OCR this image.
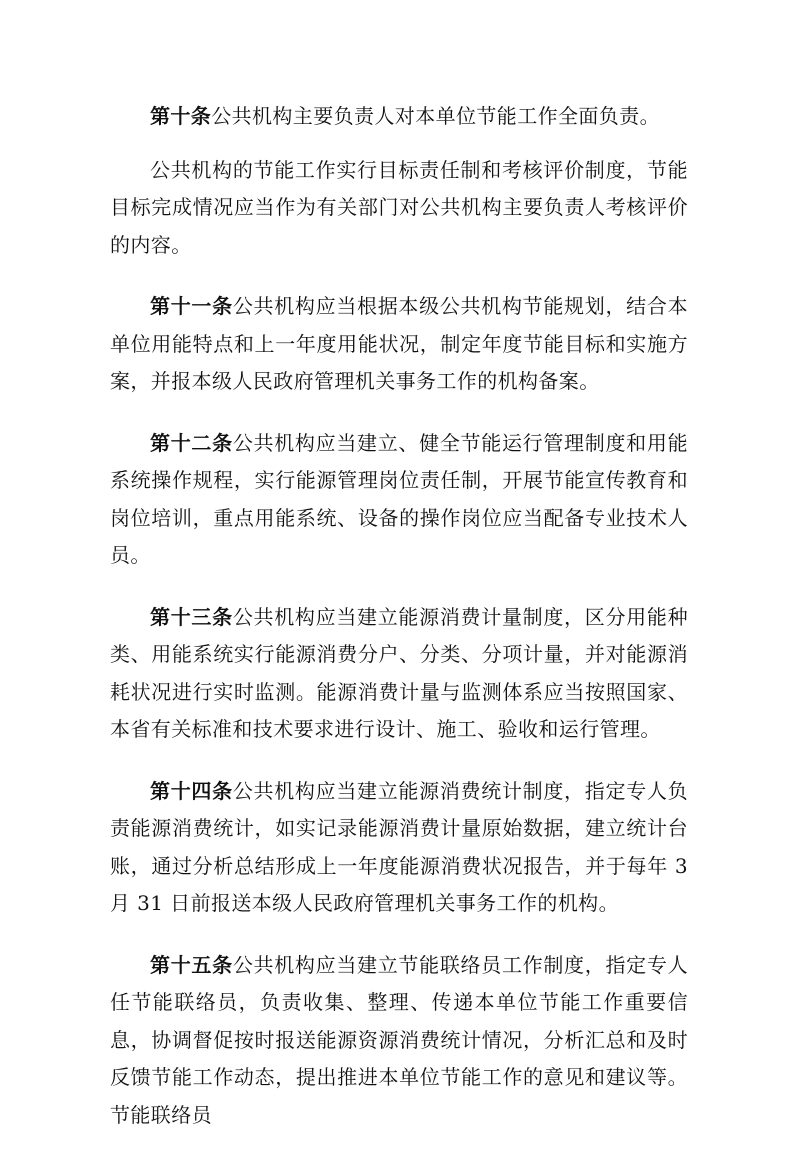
第十条公共机构主要负责人对本单位节能工作全面负责。

公共机构的节能工作实行目标责任制和考核评价制度，节能目标完成情况应当作为有关部门对公共机构主要负责人考核评价的内容。

第十一条公共机构应当根据本级公共机构节能规划，结合本单位用能特点和上一年度用能状况，制定年度节能目标和实施方案，并报本级人民政府管理机关事务工作的机构备案。

第十二条公共机构应当建立、健全节能运行管理制度和用能系统操作规程，实行能源管理岗位责任制，开展节能宣传教育和岗位培训，重点用能系统、设备的操作岗位应当配备专业技术人员。

第十三条公共机构应当建立能源消费计量制度，区分用能种类、用能系统实行能源消费分户、分类、分项计量，并对能源消耗状况进行实时监测。能源消费计量与监测体系应当按照国家、本省有关标准和技术要求进行设计、施工、验收和运行管理。

第十四条公共机构应当建立能源消费统计制度，指定专人负责能源消费统计，如实记录能源消费计量原始数据，建立统计台账，通过分析总结形成上一年度能源消费状况报告，并于每年 3 月 31 日前报送本级人民政府管理机关事务工作的机构。

第十五条公共机构应当建立节能联络员工作制度，指定专人任节能联络员，负责收集、整理、传递本单位节能工作重要信息，协调督促按时报送能源资源消费统计情况，分析汇总和及时反馈节能工作动态，提出推进本单位节能工作的意见和建议等。节能联络员
